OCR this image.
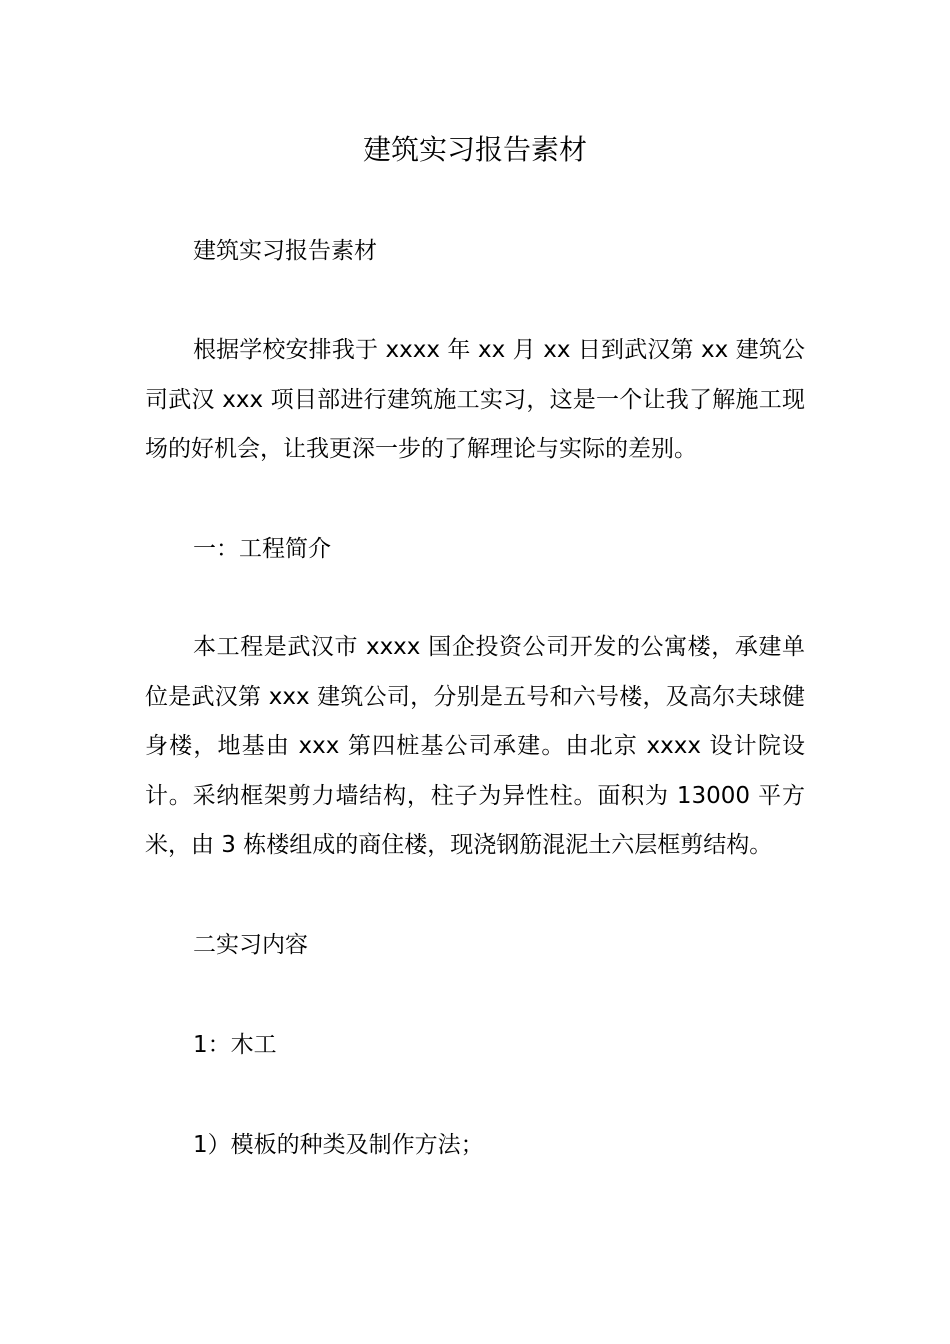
建筑实习报告素材

建筑实习报告素材

根据学校安排我于 xxxx 年 xx 月 xx 日到武汉第 xx 建筑公司武汉 xxx 项目部进行建筑施工实习，这是一个让我了解施工现场的好机会，让我更深一步的了解理论与实际的差别。

一：工程简介

本工程是武汉市 xxxx 国企投资公司开发的公寓楼，承建单位是武汉第 xxx 建筑公司，分别是五号和六号楼，及高尔夫球健身楼，地基由 xxx 第四桩基公司承建。由北京 xxxx 设计院设计。采纳框架剪力墙结构，柱子为异性柱。面积为 13000 平方米，由 3 栋楼组成的商住楼，现浇钢筋混泥土六层框剪结构。

二实习内容

1：木工

1）模板的种类及制作方法；
